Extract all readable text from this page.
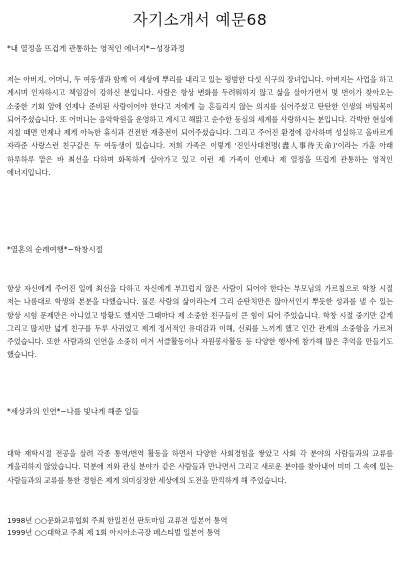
자기소개서 예문68
*내 열정을 뜨겁게 관통하는 영적인 에너지*~성장과정
저는 아버지, 어머니, 두 여동생과 함께 이 세상에 뿌리를 내리고 있는 평범한 다섯 식구의 장녀입니다. 아버지는 사업을 하고 계시며 인자하시고 책임감이 강하신 분입니다. 사람은 항상 변화를 두려워하지 않고 삶을 살아가면서 몇 번이가 찾아오는 소중한 기회 앞에 언제나 준비된 사람이어야 한다고 저에게 늘 흔들리지 않는 의지를 심어주셨고 탄탄한 인생의 버팀목이 되어주셨습니다. 또 어머니는 음악학원을 운영하고 계시고 해맑고 순수한 동심의 세계를 사랑하시는 분입니다. 각박한 현실에 지칠 때면 언제나 제게 아늑한 휴식과 건전한 재충전이 되어주셨습니다. 그리고 주어진 환경에 감사하며 성실하고 올바르게 자라준 사랑스런 친구같은 두 여동생이 있습니다. 저희 가족은 이렇게 '진인사대천명(盡人事待天命)'이라는 가훈 아래 하루하루 맡은 바 최선을 다하며 화목하게 살아가고 있고 이런 제 가족이 언제나 제 열정을 뜨겁게 관통하는 영적인 에너지입니다.
*열혼의 순례여행*~학창시절
항상 자신에게 주어진 일에 최선을 다하고 자신에게 부끄럽지 않은 사람이 되어야 한다는 부모님의 가르침으로 학창 시절 저는 나름대로 학생의 본분을 다했습니다. 물론 사람의 삶이라는게 그리 순탄치만은 않아서인지 뿌듯한 성과를 낼 수 있는 항상 시험 문제만은 아니었고 방황도 했지만 그때마다 제 소중한 친구들이 큰 힘이 되어 주었습니다. 학창 시절 중기만 같게 그리고 많지만 넓게 친구를 두루 사귀었고 제게 정서적인 유대감과 이해, 신뢰를 느끼게 했고 인간 관계의 소중함을 가르쳐 주었습니다. 또한 사람과의 인연을 소중히 여겨 서클활동이나 자원봉사활동 등 다양한 행사에 참가해 많은 추억을 만들기도 했습니다.
*세상과의 인연*~나를 빛나게 해준 일들
대학 재학시절 전공을 살려 각종 통역/번역 활동을 하면서 다양한 사회경험을 쌓았고 사회 각 분야의 사람들과의 교류를 게을리하지 않았습니다. 덕분에 저와 관심 분야가 같은 사람들과 만나면서 그리고 새로운 분야를 찾아내어 미미 그 속에 있는 사람들과의 교류를 통한 경험은 제게 의미심장한 세상에의 도전을 만끽하게 해 주었습니다.
1998년 ○○문화교류협회 주최 한일친선 판토마임 교류전 일본어 통역
1999년 ○○대학교 주최 제 1회 아시아소극장 페스티벌 일본어 통역
